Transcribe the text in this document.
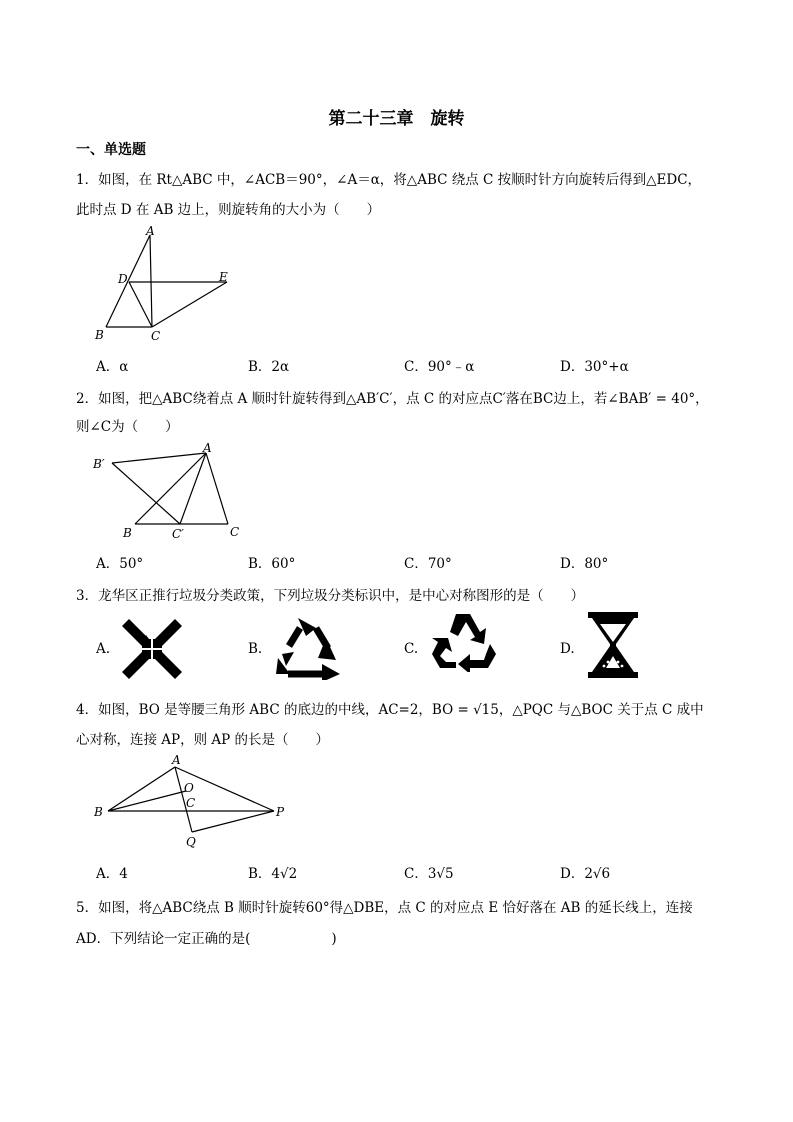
第二十三章　旋转
一、单选题
1．如图，在 Rt△ABC 中，∠ACB＝90°，∠A＝α，将△ABC 绕点 C 按顺时针方向旋转后得到△EDC，
此时点 D 在 AB 边上，则旋转角的大小为（　　）
A
D	E
B	C
A．α	B．2α	C．90°﹣α	D．30°+α
2．如图，把△ABC绕着点 A 顺时针旋转得到△AB′C′，点 C 的对应点C′落在BC边上，若∠BAB′ = 40°，
则∠C为（　　）
B′
A
B	C′	C
A．50°	B．60°	C．70°	D．80°
3．龙华区正推行垃圾分类政策，下列垃圾分类标识中，是中心对称图形的是（　　）
A.	B.	C.	D.
4．如图，BO 是等腰三角形 ABC 的底边的中线，AC=2，BO = √15，△PQC 与△BOC 关于点 C 成中
心对称，连接 AP，则 AP 的长是（　　）
A
O
C
B	P
Q
A．4	B．4√2	C．3√5	D．2√6
5．如图，将△ABC绕点 B 顺时针旋转60°得△DBE，点 C 的对应点 E 恰好落在 AB 的延长线上，连接
AD．下列结论一定正确的是(　　　　　　)
